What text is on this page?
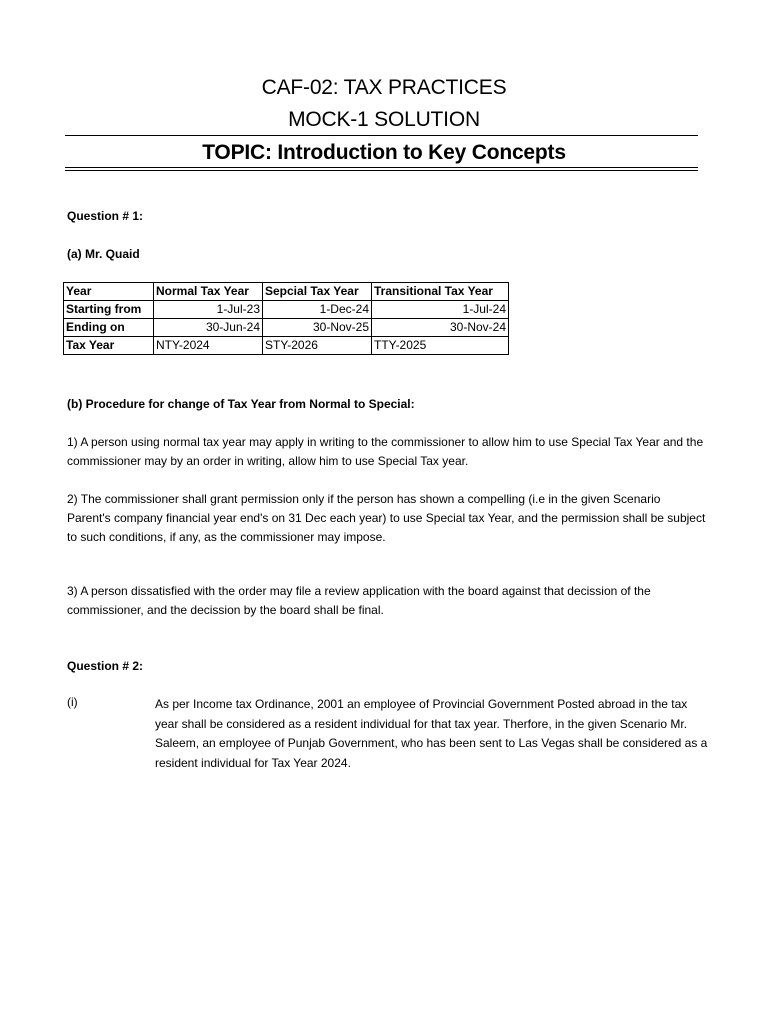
CAF-02: TAX PRACTICES
MOCK-1 SOLUTION
TOPIC: Introduction to Key Concepts
Question # 1:
(a) Mr. Quaid
Year	Normal Tax Year	Sepcial Tax Year	Transitional Tax Year
Starting from	1-Jul-23	1-Dec-24	1-Jul-24
Ending on	30-Jun-24	30-Nov-25	30-Nov-24
Tax Year	NTY-2024	STY-2026	TTY-2025
(b) Procedure for change of Tax Year from Normal to Special:
1) A person using normal tax year may apply in writing to the commissioner to allow him to use Special Tax Year and the commissioner may by an order in writing, allow him to use Special Tax year.
2) The commissioner shall grant permission only if the person has shown a compelling (i.e in the given Scenario Parent's company financial year end's on 31 Dec each year) to use Special tax Year, and the permission shall be subject to such conditions, if any, as the commissioner may impose.
3) A person dissatisfied with the order may file a review application with the board against that decission of the commissioner, and the decission by the board shall be final.
Question # 2:
(i)	As per Income tax Ordinance, 2001 an employee of Provincial Government Posted abroad in the tax year shall be considered as a resident individual for that tax year. Therfore, in the given Scenario Mr. Saleem, an employee of Punjab Government, who has been sent to Las Vegas shall be considered as a resident individual for Tax Year 2024.
